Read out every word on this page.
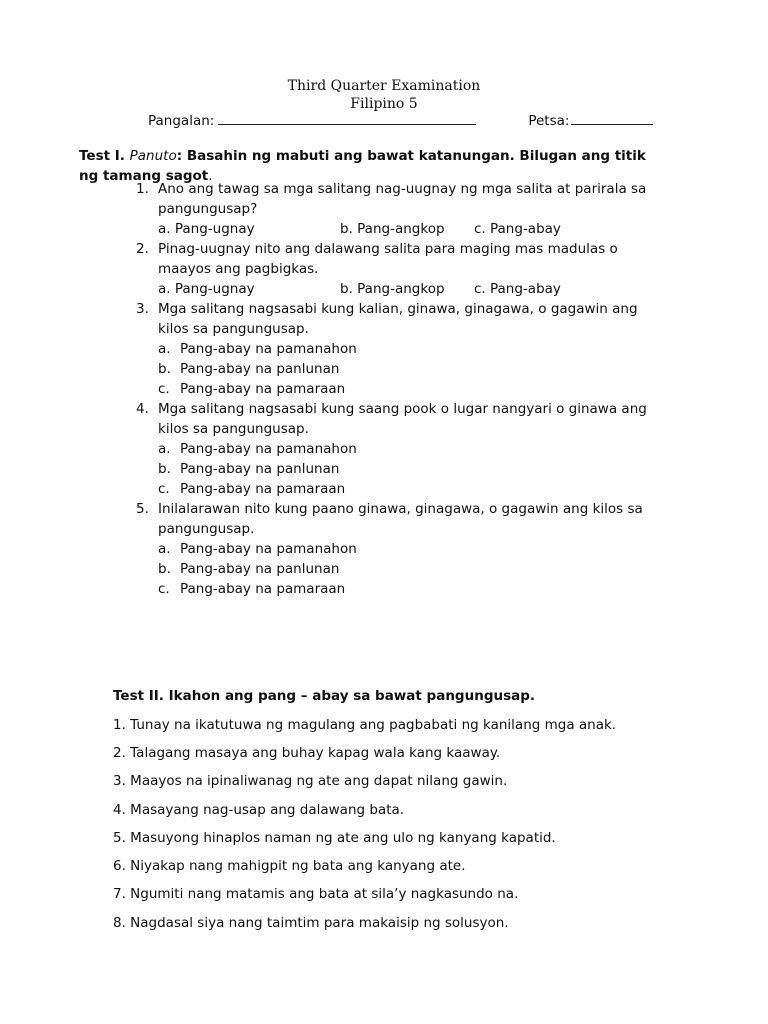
Third Quarter Examination
Filipino 5
Pangalan:	Petsa:
Test I. Panuto: Basahin ng mabuti ang bawat katanungan. Bilugan ang titik ng tamang sagot.
1. Ano ang tawag sa mga salitang nag-uugnay ng mga salita at parirala sa pangungusap?
a. Pang-ugnay	b. Pang-angkop c. Pang-abay
2. Pinag-uugnay nito ang dalawang salita para maging mas madulas o maayos ang pagbigkas.
a. Pang-ugnay	b. Pang-angkop c. Pang-abay
3. Mga salitang nagsasabi kung kalian, ginawa, ginagawa, o gagawin ang kilos sa pangungusap.
a. Pang-abay na pamanahon
b. Pang-abay na panlunan
c. Pang-abay na pamaraan
4. Mga salitang nagsasabi kung saang pook o lugar nangyari o ginawa ang kilos sa pangungusap.
a. Pang-abay na pamanahon
b. Pang-abay na panlunan
c. Pang-abay na pamaraan
5. Inilalarawan nito kung paano ginawa, ginagawa, o gagawin ang kilos sa pangungusap.
a. Pang-abay na pamanahon
b. Pang-abay na panlunan
c. Pang-abay na pamaraan
Test II. Ikahon ang pang – abay sa bawat pangungusap.
1. Tunay na ikatutuwa ng magulang ang pagbabati ng kanilang mga anak.
2. Talagang masaya ang buhay kapag wala kang kaaway.
3. Maayos na ipinaliwanag ng ate ang dapat nilang gawin.
4. Masayang nag-usap ang dalawang bata.
5. Masuyong hinaplos naman ng ate ang ulo ng kanyang kapatid.
6. Niyakap nang mahigpit ng bata ang kanyang ate.
7. Ngumiti nang matamis ang bata at sila’y nagkasundo na.
8. Nagdasal siya nang taimtim para makaisip ng solusyon.
